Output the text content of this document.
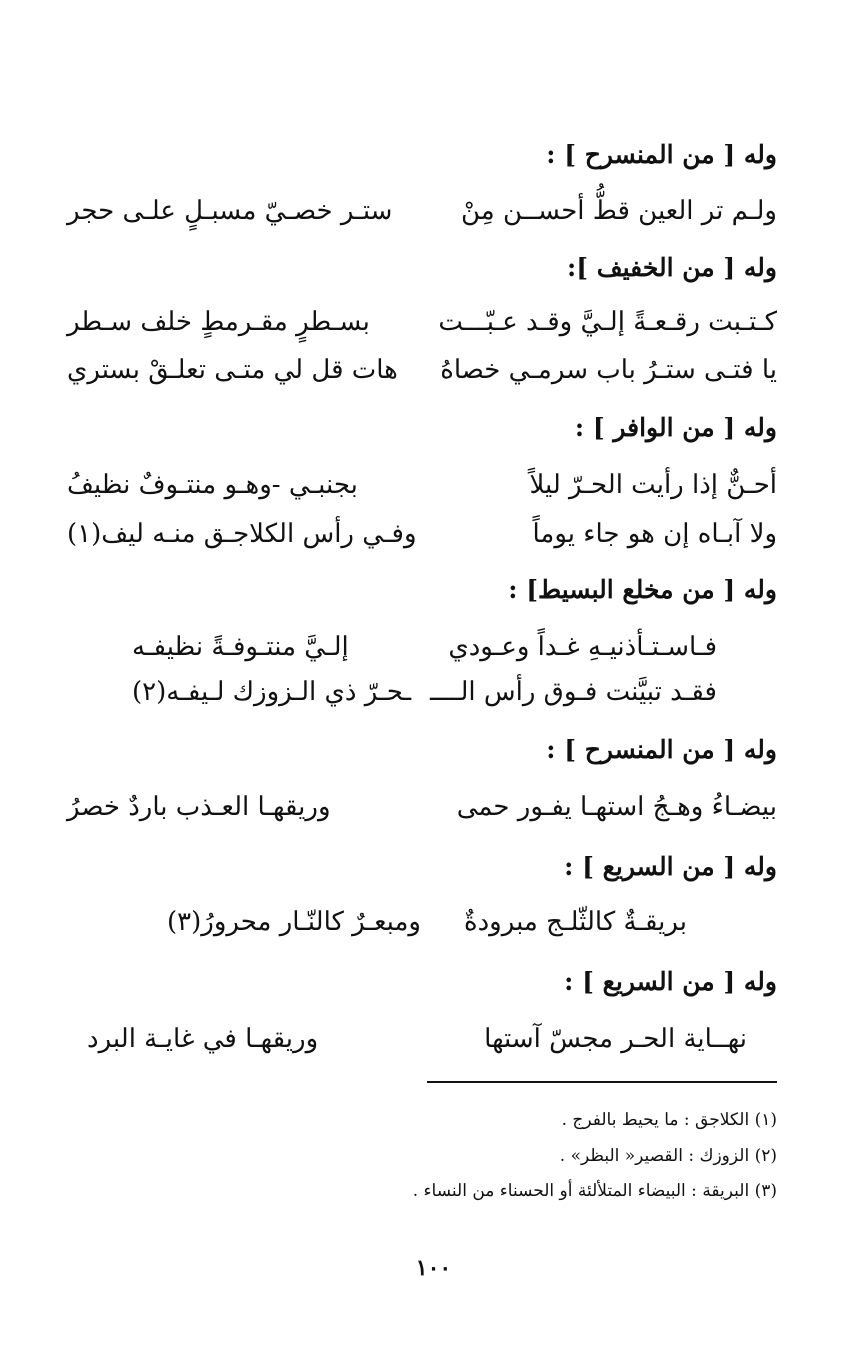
وله [ من المنسرح ] :
ولـم تر العين قطُّ أحســن مِنْ
ستـر خصـيّ مسبـلٍ علـى حجر
وله [ من الخفيف ]:
كـتـبت رقـعـةً إلـيَّ وقـد عـبّـــت
بسـطرٍ مقـرمطٍ خلف سـطر
يا فتـى ستـرُ باب سرمـي خصاهُ
هات قل لي متـى تعلـقْ بستري
وله [ من الوافر ] :
أحـنٌّ إذا رأيت الحـرّ ليلاً
بجنبـي -وهـو منتـوفٌ نظيفُ
ولا آبـاه إن هو جاء يوماً
وفـي رأس الكلاجـق منـه ليف(١)
وله [ من مخلع البسيط] :
فـاسـتـأذنيـهِ غـداً وعـودي
إلـيَّ منتـوفـةً نظيفـه
فقـد تبيَّنت فـوق رأس الــــ
ـحـرّ ذي الـزوزك لـيفـه(٢)
وله [ من المنسرح ] :
بيضـاءُ وهـجُ استهـا يفـور حمى
وريقهـا العـذب باردٌ خصرُ
وله [ من السريع ] :
بريقـةٌ كالثّلـج مبرودةٌ
ومبعـرٌ كالنّـار محرورُ(٣)
وله [ من السريع ] :
نهــاية الحـر مجسّ آستها
وريقهـا في غايـة البرد
(١) الكلاجق : ما يحيط بالفرج .
(٢) الزوزك : القصير« البظر» .
(٣) البريقة : البيضاء المتلألئة أو الحسناء من النساء .
١٠٠
